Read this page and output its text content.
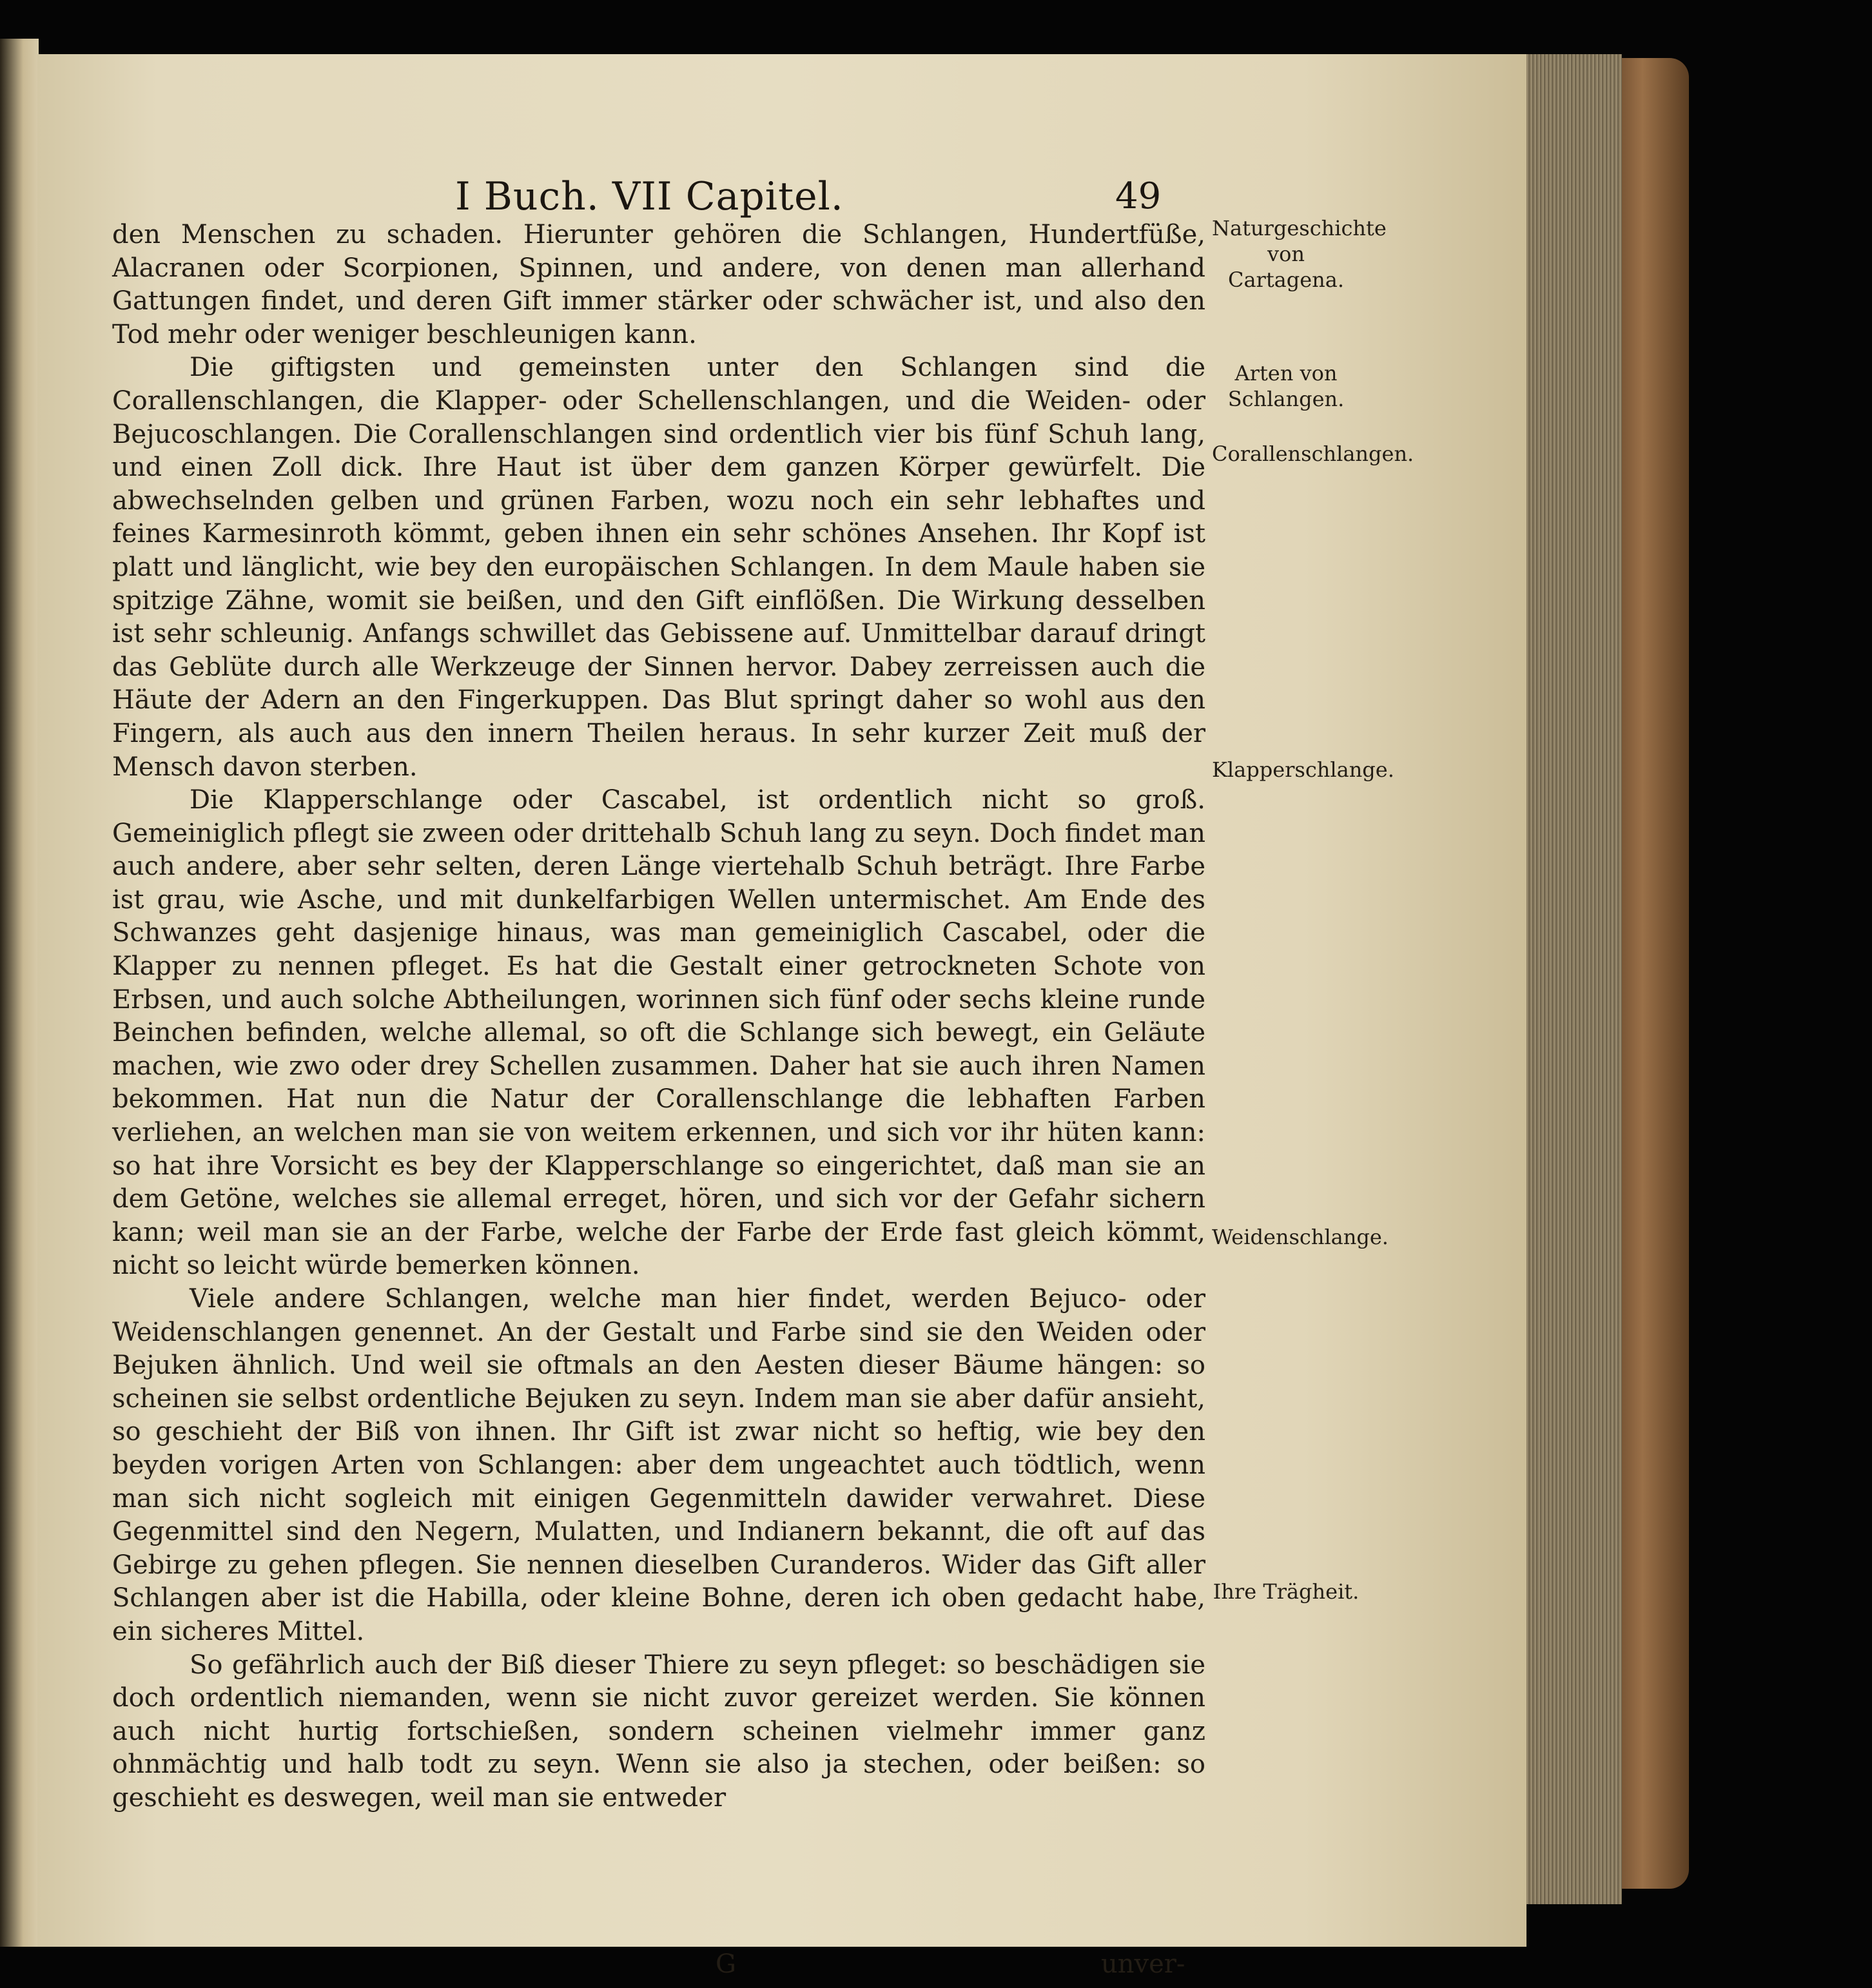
I Buch. VII Capitel.	49

den Menschen zu schaden. Hierunter gehören die Schlangen, Hundertfüße, Alacranen oder Scorpionen, Spinnen, und andere, von denen man allerhand Gattungen findet, und deren Gift immer stärker oder schwächer ist, und also den Tod mehr oder weniger beschleunigen kann.

Die giftigsten und gemeinsten unter den Schlangen sind die Corallenschlangen, die Klapper- oder Schellenschlangen, und die Weiden- oder Bejucoschlangen. Die Corallenschlangen sind ordentlich vier bis fünf Schuh lang, und einen Zoll dick. Ihre Haut ist über dem ganzen Körper gewürfelt. Die abwechselnden gelben und grünen Farben, wozu noch ein sehr lebhaftes und feines Karmesinroth kömmt, geben ihnen ein sehr schönes Ansehen. Ihr Kopf ist platt und länglicht, wie bey den europäischen Schlangen. In dem Maule haben sie spitzige Zähne, womit sie beißen, und den Gift einflößen. Die Wirkung desselben ist sehr schleunig. Anfangs schwillet das Gebissene auf. Unmittelbar darauf dringt das Geblüte durch alle Werkzeuge der Sinnen hervor. Dabey zerreissen auch die Häute der Adern an den Fingerkuppen. Das Blut springt daher so wohl aus den Fingern, als auch aus den innern Theilen heraus. In sehr kurzer Zeit muß der Mensch davon sterben.

Die Klapperschlange oder Cascabel, ist ordentlich nicht so groß. Gemeiniglich pflegt sie zween oder drittehalb Schuh lang zu seyn. Doch findet man auch andere, aber sehr selten, deren Länge viertehalb Schuh beträgt. Ihre Farbe ist grau, wie Asche, und mit dunkelfarbigen Wellen untermischet. Am Ende des Schwanzes geht dasjenige hinaus, was man gemeiniglich Cascabel, oder die Klapper zu nennen pfleget. Es hat die Gestalt einer getrockneten Schote von Erbsen, und auch solche Abtheilungen, worinnen sich fünf oder sechs kleine runde Beinchen befinden, welche allemal, so oft die Schlange sich bewegt, ein Geläute machen, wie zwo oder drey Schellen zusammen. Daher hat sie auch ihren Namen bekommen. Hat nun die Natur der Corallenschlange die lebhaften Farben verliehen, an welchen man sie von weitem erkennen, und sich vor ihr hüten kann: so hat ihre Vorsicht es bey der Klapperschlange so eingerichtet, daß man sie an dem Getöne, welches sie allemal erreget, hören, und sich vor der Gefahr sichern kann; weil man sie an der Farbe, welche der Farbe der Erde fast gleich kömmt, nicht so leicht würde bemerken können.

Viele andere Schlangen, welche man hier findet, werden Bejuco- oder Weidenschlangen genennet. An der Gestalt und Farbe sind sie den Weiden oder Bejuken ähnlich. Und weil sie oftmals an den Aesten dieser Bäume hängen: so scheinen sie selbst ordentliche Bejuken zu seyn. Indem man sie aber dafür ansieht, so geschieht der Biß von ihnen. Ihr Gift ist zwar nicht so heftig, wie bey den beyden vorigen Arten von Schlangen: aber dem ungeachtet auch tödtlich, wenn man sich nicht sogleich mit einigen Gegenmitteln dawider verwahret. Diese Gegenmittel sind den Negern, Mulatten, und Indianern bekannt, die oft auf das Gebirge zu gehen pflegen. Sie nennen dieselben Curanderos. Wider das Gift aller Schlangen aber ist die Habilla, oder kleine Bohne, deren ich oben gedacht habe, ein sicheres Mittel.

So gefährlich auch der Biß dieser Thiere zu seyn pfleget: so beschädigen sie doch ordentlich niemanden, wenn sie nicht zuvor gereizet werden. Sie können auch nicht hurtig fortschießen, sondern scheinen vielmehr immer ganz ohnmächtig und halb todt zu seyn. Wenn sie also ja stechen, oder beißen: so geschieht es deswegen, weil man sie entweder

Naturgeschichte von Cartagena.
Arten von Schlangen.
Corallenschlangen.
Klapperschlange.
Weidenschlange.
Ihre Trägheit.
G	unver-
